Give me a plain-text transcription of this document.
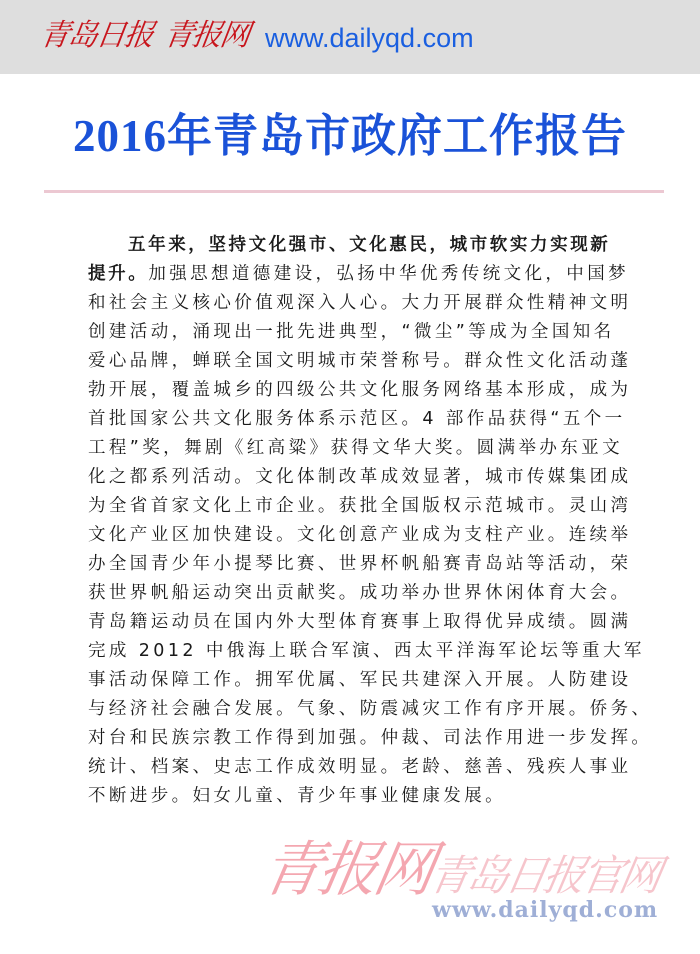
青岛日报 青报网 www.dailyqd.com
2016年青岛市政府工作报告
五年来，坚持文化强市、文化惠民，城市软实力实现新
提升。加强思想道德建设，弘扬中华优秀传统文化，中国梦
和社会主义核心价值观深入人心。大力开展群众性精神文明
创建活动，涌现出一批先进典型，“微尘”等成为全国知名
爱心品牌，蝉联全国文明城市荣誉称号。群众性文化活动蓬
勃开展，覆盖城乡的四级公共文化服务网络基本形成，成为
首批国家公共文化服务体系示范区。4 部作品获得“五个一
工程”奖，舞剧《红高粱》获得文华大奖。圆满举办东亚文
化之都系列活动。文化体制改革成效显著，城市传媒集团成
为全省首家文化上市企业。获批全国版权示范城市。灵山湾
文化产业区加快建设。文化创意产业成为支柱产业。连续举
办全国青少年小提琴比赛、世界杯帆船赛青岛站等活动，荣
获世界帆船运动突出贡献奖。成功举办世界休闲体育大会。
青岛籍运动员在国内外大型体育赛事上取得优异成绩。圆满
完成 2012 中俄海上联合军演、西太平洋海军论坛等重大军
事活动保障工作。拥军优属、军民共建深入开展。人防建设
与经济社会融合发展。气象、防震减灾工作有序开展。侨务、
对台和民族宗教工作得到加强。仲裁、司法作用进一步发挥。
统计、档案、史志工作成效明显。老龄、慈善、残疾人事业
不断进步。妇女儿童、青少年事业健康发展。
青报网青岛日报官网
www.dailyqd.com
